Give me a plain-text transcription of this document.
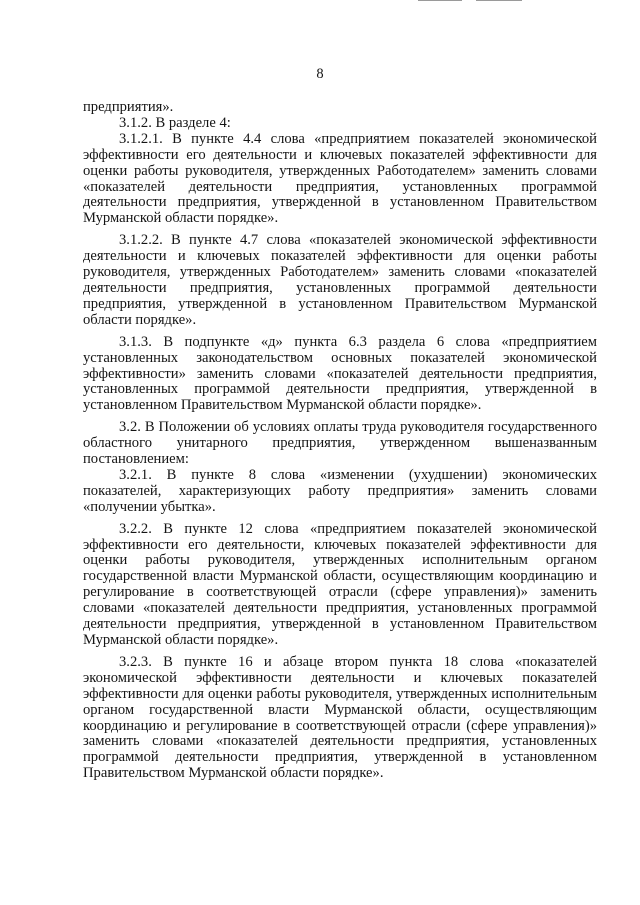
8

предприятия».

3.1.2. В разделе 4:

3.1.2.1. В пункте 4.4 слова «предприятием показателей экономической эффективности его деятельности и ключевых показателей эффективности для оценки работы руководителя, утвержденных Работодателем» заменить словами «показателей деятельности предприятия, установленных программой деятельности предприятия, утвержденной в установленном Правительством Мурманской области порядке».

3.1.2.2. В пункте 4.7 слова «показателей экономической эффективности деятельности и ключевых показателей эффективности для оценки работы руководителя, утвержденных Работодателем» заменить словами «показателей деятельности предприятия, установленных программой деятельности предприятия, утвержденной в установленном Правительством Мурманской области порядке».

3.1.3. В подпункте «д» пункта 6.3 раздела 6 слова «предприятием установленных законодательством основных показателей экономической эффективности» заменить словами «показателей деятельности предприятия, установленных программой деятельности предприятия, утвержденной в установленном Правительством Мурманской области порядке».

3.2. В Положении об условиях оплаты труда руководителя государственного областного унитарного предприятия, утвержденном вышеназванным постановлением:

3.2.1. В пункте 8 слова «изменении (ухудшении) экономических показателей, характеризующих работу предприятия» заменить словами «получении убытка».

3.2.2. В пункте 12 слова «предприятием показателей экономической эффективности его деятельности, ключевых показателей эффективности для оценки работы руководителя, утвержденных исполнительным органом государственной власти Мурманской области, осуществляющим координацию и регулирование в соответствующей отрасли (сфере управления)» заменить словами «показателей деятельности предприятия, установленных программой деятельности предприятия, утвержденной в установленном Правительством Мурманской области порядке».

3.2.3. В пункте 16 и абзаце втором пункта 18 слова «показателей экономической эффективности деятельности и ключевых показателей эффективности для оценки работы руководителя, утвержденных исполнительным органом государственной власти Мурманской области, осуществляющим координацию и регулирование в соответствующей отрасли (сфере управления)» заменить словами «показателей деятельности предприятия, установленных программой деятельности предприятия, утвержденной в установленном Правительством Мурманской области порядке».
